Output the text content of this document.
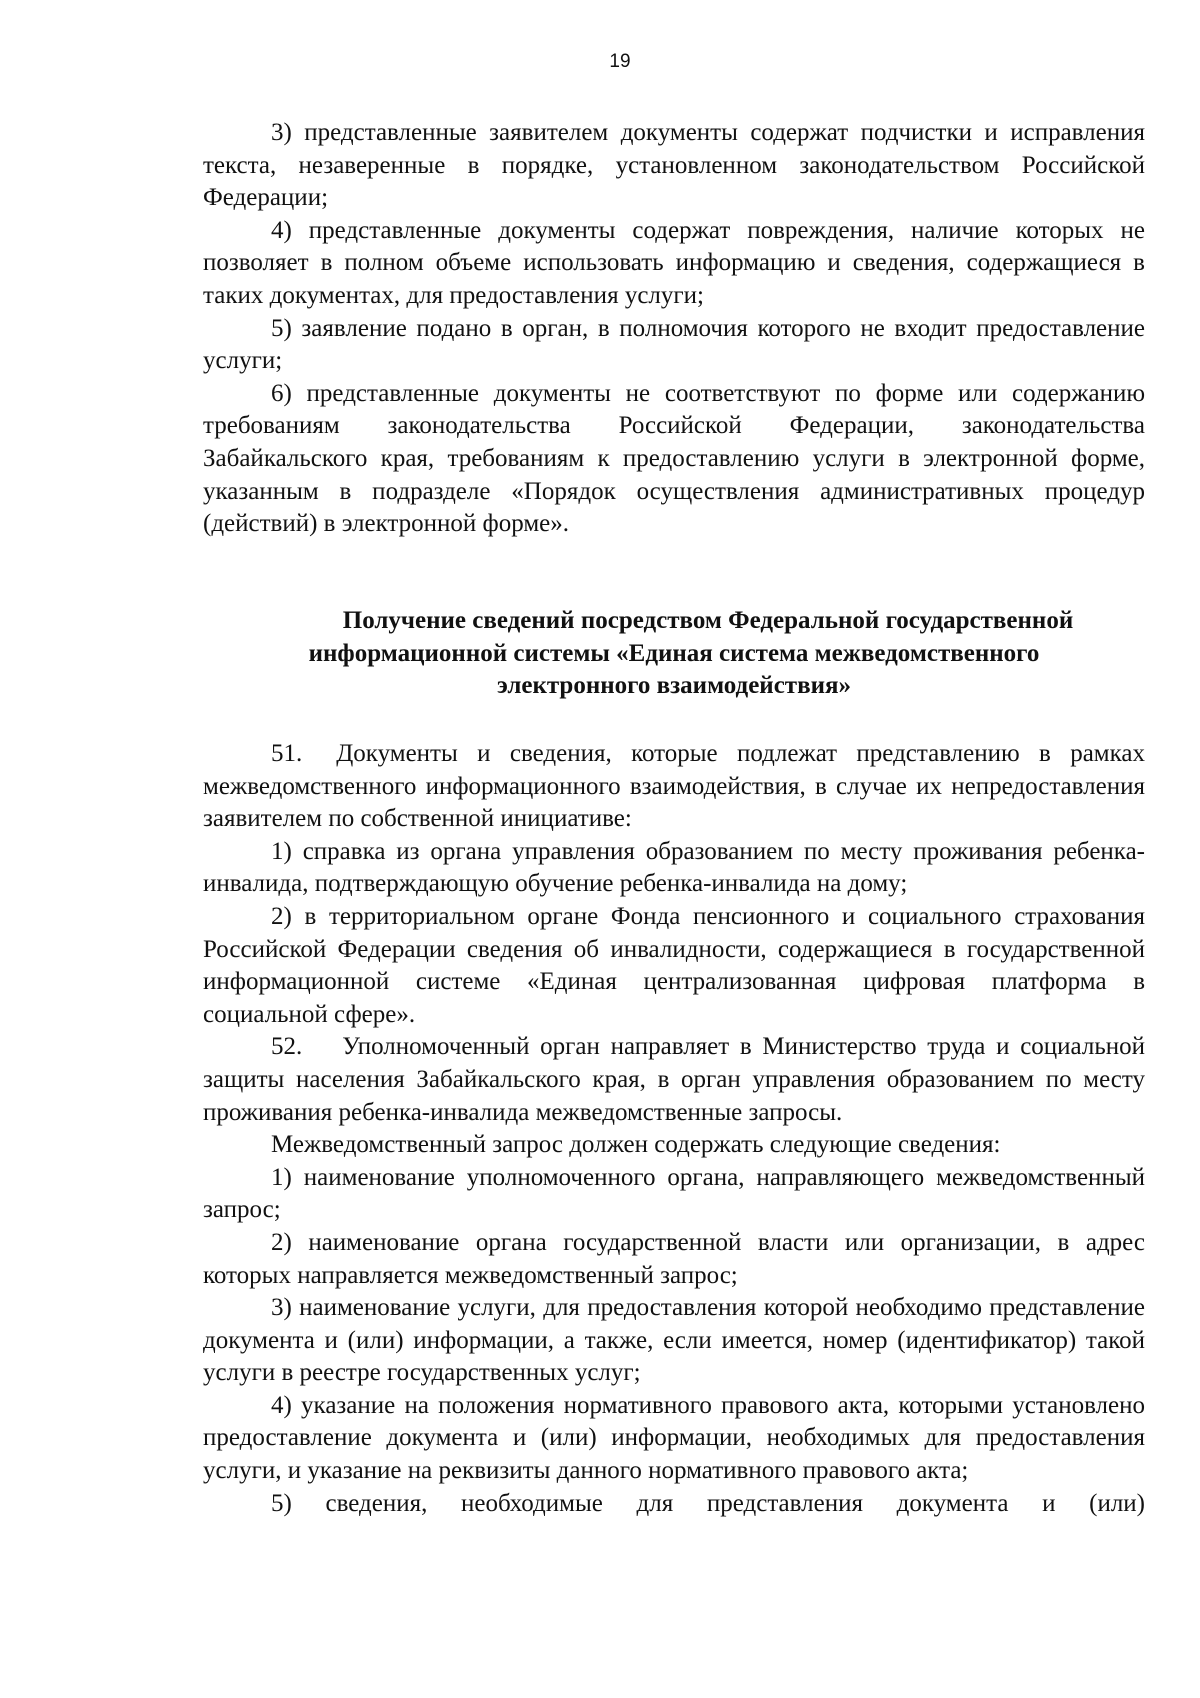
19

3) представленные заявителем документы содержат подчистки и исправления текста, незаверенные в порядке, установленном законодательством Российской Федерации;

4) представленные документы содержат повреждения, наличие которых не позволяет в полном объеме использовать информацию и сведения, содержащиеся в таких документах, для предоставления услуги;

5) заявление подано в орган, в полномочия которого не входит предоставление услуги;

6) представленные документы не соответствуют по форме или содержанию требованиям законодательства Российской Федерации, законодательства Забайкальского края, требованиям к предоставлению услуги в электронной форме, указанным в подразделе «Порядок осуществления административных процедур (действий) в электронной форме».

Получение сведений посредством Федеральной государственной
информационной системы «Единая система межведомственного
электронного взаимодействия»

51. Документы и сведения, которые подлежат представлению в рамках межведомственного информационного взаимодействия, в случае их непредоставления заявителем по собственной инициативе:

1) справка из органа управления образованием по месту проживания ребенка-инвалида, подтверждающую обучение ребенка-инвалида на дому;

2) в территориальном органе Фонда пенсионного и социального страхования Российской Федерации сведения об инвалидности, содержащиеся в государственной информационной системе «Единая централизованная цифровая платформа в социальной сфере».

52. Уполномоченный орган направляет в Министерство труда и социальной защиты населения Забайкальского края, в орган управления образованием по месту проживания ребенка-инвалида межведомственные запросы.

Межведомственный запрос должен содержать следующие сведения:

1) наименование уполномоченного органа, направляющего межведомственный запрос;

2) наименование органа государственной власти или организации, в адрес которых направляется межведомственный запрос;

3) наименование услуги, для предоставления которой необходимо представление документа и (или) информации, а также, если имеется, номер (идентификатор) такой услуги в реестре государственных услуг;

4) указание на положения нормативного правового акта, которыми установлено предоставление документа и (или) информации, необходимых для предоставления услуги, и указание на реквизиты данного нормативного правового акта;

5) сведения, необходимые для представления документа и (или)
